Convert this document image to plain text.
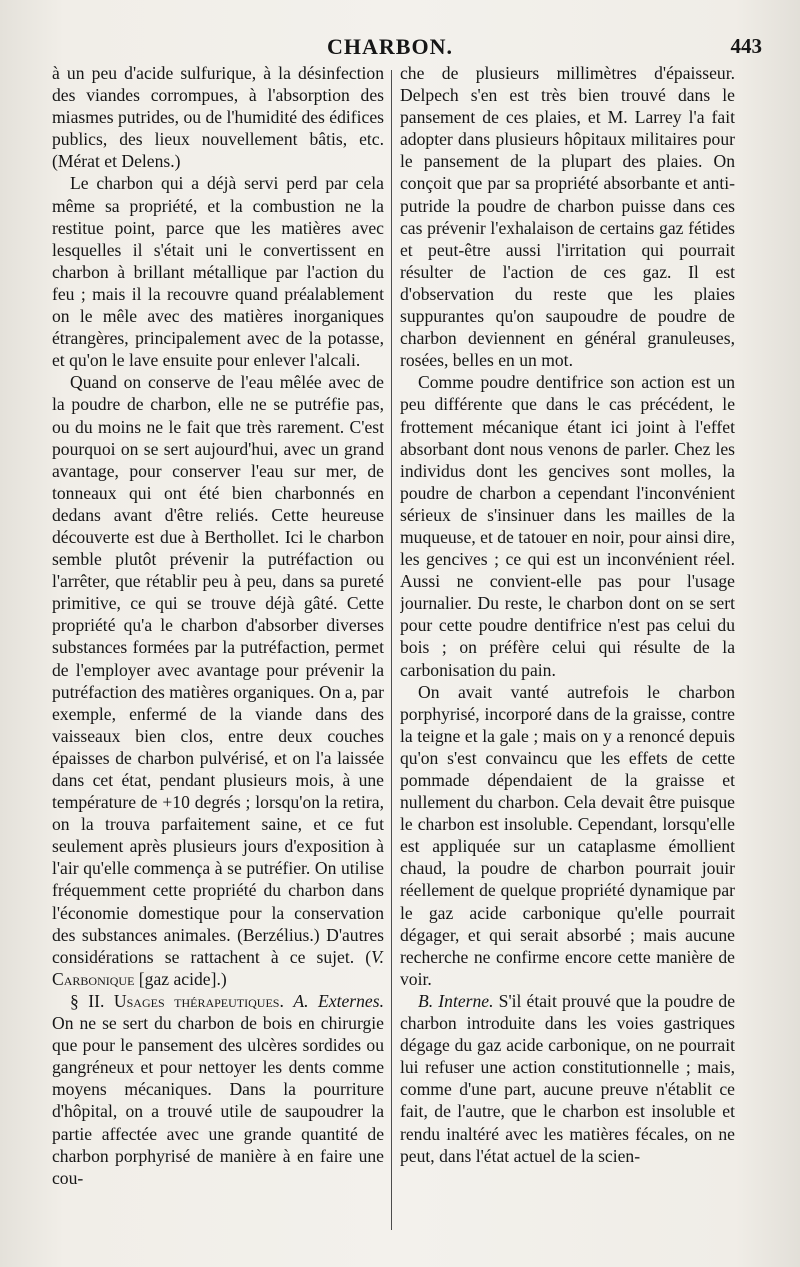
CHARBON.	443

à un peu d'acide sulfurique, à la désinfection des viandes corrompues, à l'absorption des miasmes putrides, ou de l'humidité des édifices publics, des lieux nouvellement bâtis, etc. (Mérat et Delens.)

Le charbon qui a déjà servi perd par cela même sa propriété, et la combustion ne la restitue point, parce que les matières avec lesquelles il s'était uni le convertissent en charbon à brillant métallique par l'action du feu ; mais il la recouvre quand préalablement on le mêle avec des matières inorganiques étrangères, principalement avec de la potasse, et qu'on le lave ensuite pour enlever l'alcali.

Quand on conserve de l'eau mêlée avec de la poudre de charbon, elle ne se putréfie pas, ou du moins ne le fait que très rarement. C'est pourquoi on se sert aujourd'hui, avec un grand avantage, pour conserver l'eau sur mer, de tonneaux qui ont été bien charbonnés en dedans avant d'être reliés. Cette heureuse découverte est due à Berthollet. Ici le charbon semble plutôt prévenir la putréfaction ou l'arrêter, que rétablir peu à peu, dans sa pureté primitive, ce qui se trouve déjà gâté. Cette propriété qu'a le charbon d'absorber diverses substances formées par la putréfaction, permet de l'employer avec avantage pour prévenir la putréfaction des matières organiques. On a, par exemple, enfermé de la viande dans des vaisseaux bien clos, entre deux couches épaisses de charbon pulvérisé, et on l'a laissée dans cet état, pendant plusieurs mois, à une température de +10 degrés ; lorsqu'on la retira, on la trouva parfaitement saine, et ce fut seulement après plusieurs jours d'exposition à l'air qu'elle commença à se putréfier. On utilise fréquemment cette propriété du charbon dans l'économie domestique pour la conservation des substances animales. (Berzélius.) D'autres considérations se rattachent à ce sujet. (V. Carbonique [gaz acide].)

§ II. Usages thérapeutiques. A. Externes. On ne se sert du charbon de bois en chirurgie que pour le pansement des ulcères sordides ou gangréneux et pour nettoyer les dents comme moyens mécaniques. Dans la pourriture d'hôpital, on a trouvé utile de saupoudrer la partie affectée avec une grande quantité de charbon porphyrisé de manière à en faire une cou-

che de plusieurs millimètres d'épaisseur. Delpech s'en est très bien trouvé dans le pansement de ces plaies, et M. Larrey l'a fait adopter dans plusieurs hôpitaux militaires pour le pansement de la plupart des plaies. On conçoit que par sa propriété absorbante et anti-putride la poudre de charbon puisse dans ces cas prévenir l'exhalaison de certains gaz fétides et peut-être aussi l'irritation qui pourrait résulter de l'action de ces gaz. Il est d'observation du reste que les plaies suppurantes qu'on saupoudre de poudre de charbon deviennent en général granuleuses, rosées, belles en un mot.

Comme poudre dentifrice son action est un peu différente que dans le cas précédent, le frottement mécanique étant ici joint à l'effet absorbant dont nous venons de parler. Chez les individus dont les gencives sont molles, la poudre de charbon a cependant l'inconvénient sérieux de s'insinuer dans les mailles de la muqueuse, et de tatouer en noir, pour ainsi dire, les gencives ; ce qui est un inconvénient réel. Aussi ne convient-elle pas pour l'usage journalier. Du reste, le charbon dont on se sert pour cette poudre dentifrice n'est pas celui du bois ; on préfère celui qui résulte de la carbonisation du pain.

On avait vanté autrefois le charbon porphyrisé, incorporé dans de la graisse, contre la teigne et la gale ; mais on y a renoncé depuis qu'on s'est convaincu que les effets de cette pommade dépendaient de la graisse et nullement du charbon. Cela devait être puisque le charbon est insoluble. Cependant, lorsqu'elle est appliquée sur un cataplasme émollient chaud, la poudre de charbon pourrait jouir réellement de quelque propriété dynamique par le gaz acide carbonique qu'elle pourrait dégager, et qui serait absorbé ; mais aucune recherche ne confirme encore cette manière de voir.

B. Interne. S'il était prouvé que la poudre de charbon introduite dans les voies gastriques dégage du gaz acide carbonique, on ne pourrait lui refuser une action constitutionnelle ; mais, comme d'une part, aucune preuve n'établit ce fait, de l'autre, que le charbon est insoluble et rendu inaltéré avec les matières fécales, on ne peut, dans l'état actuel de la scien-
